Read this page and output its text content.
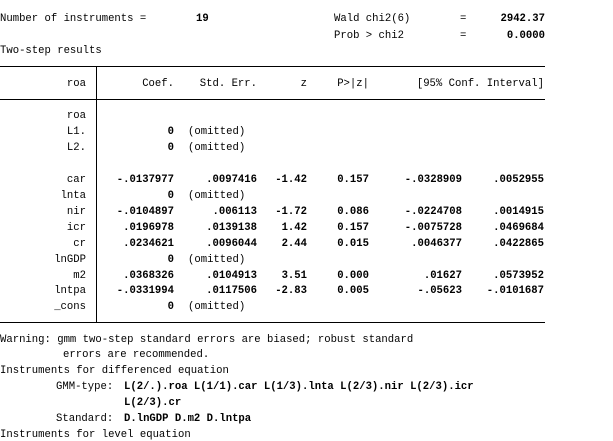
Number of instruments =	19	Wald chi2(6)	=	2942.37
Prob > chi2	=	0.0000
Two-step results
roa	Coef.	Std. Err.	z	P>|z|	[95% Conf. Interval]
roa
L1.	0 (omitted)
L2.	0 (omitted)
car	-.0137977	.0097416	-1.42	0.157	-.0328909	.0052955
lnta	0 (omitted)
nir	-.0104897	.006113	-1.72	0.086	-.0224708	.0014915
icr	.0196978	.0139138	1.42	0.157	-.0075728	.0469684
cr	.0234621	.0096044	2.44	0.015	.0046377	.0422865
lnGDP	0 (omitted)
m2	.0368326	.0104913	3.51	0.000	.01627	.0573952
lntpa	-.0331994	.0117506	-2.83	0.005	-.05623	-.0101687
_cons	0 (omitted)
Warning: gmm two-step standard errors are biased; robust standard
errors are recommended.
Instruments for differenced equation
GMM-type: L(2/.).roa L(1/1).car L(1/3).lnta L(2/3).nir L(2/3).icr
L(2/3).cr
Standard: D.lnGDP D.m2 D.lntpa
Instruments for level equation
